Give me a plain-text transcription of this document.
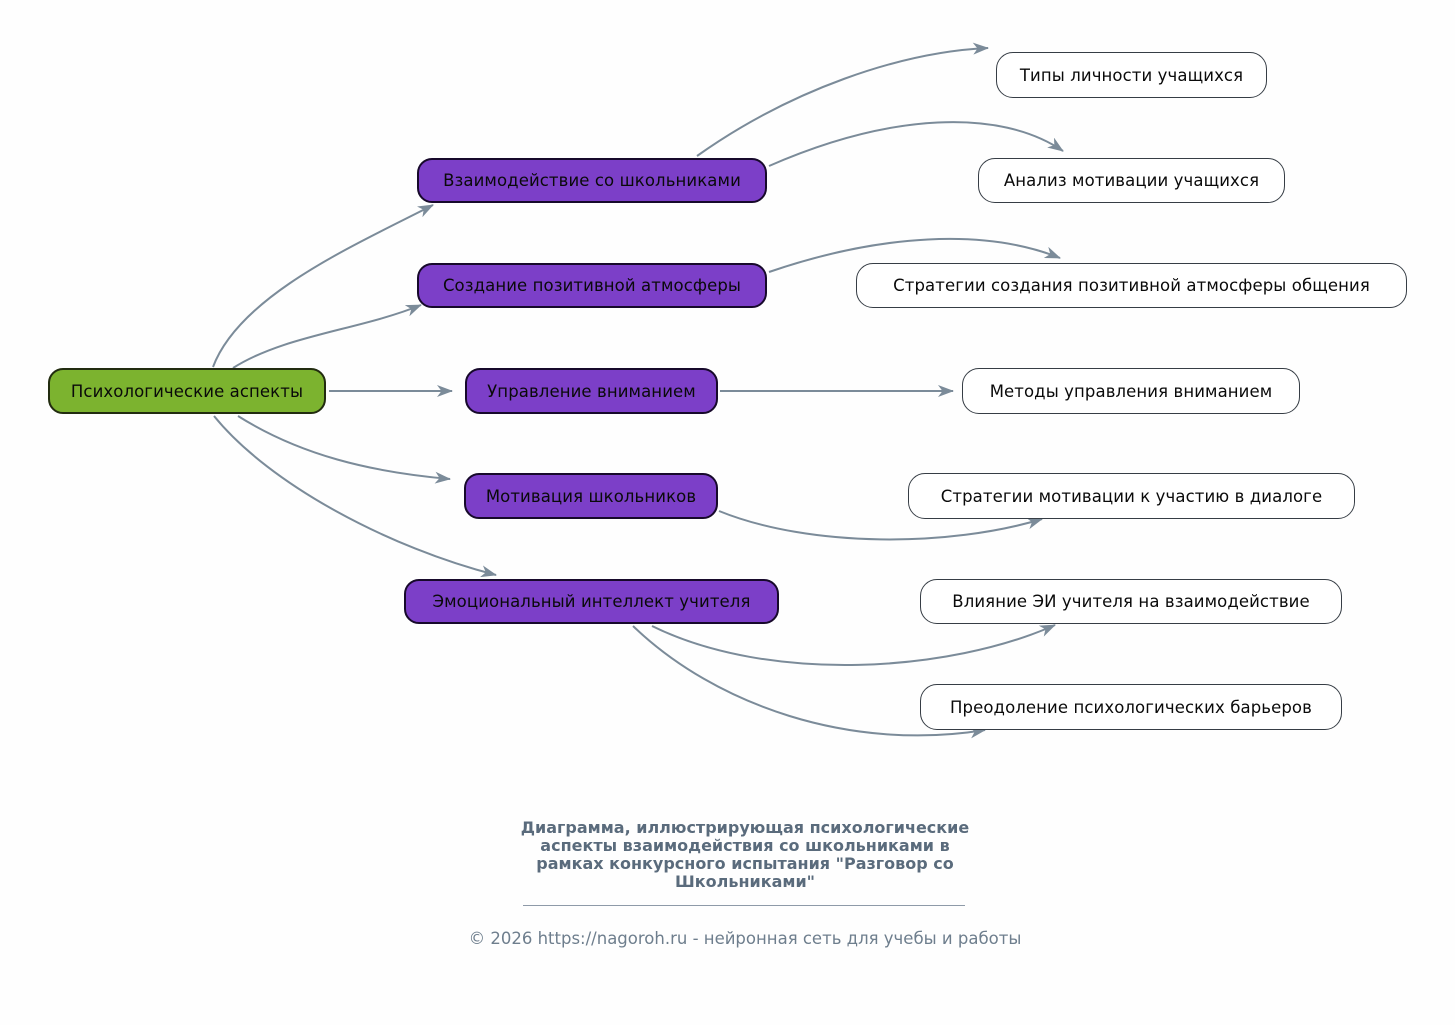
Психологические аспекты
Взаимодействие со школьниками
Создание позитивной атмосферы
Управление вниманием
Мотивация школьников
Эмоциональный интеллект учителя
Типы личности учащихся
Анализ мотивации учащихся
Стратегии создания позитивной атмосферы общения
Методы управления вниманием
Стратегии мотивации к участию в диалоге
Влияние ЭИ учителя на взаимодействие
Преодоление психологических барьеров
Диаграмма, иллюстрирующая психологические
аспекты взаимодействия со школьниками в
рамках конкурсного испытания "Разговор со
Школьниками"
© 2026 https://nagoroh.ru - нейронная сеть для учебы и работы
